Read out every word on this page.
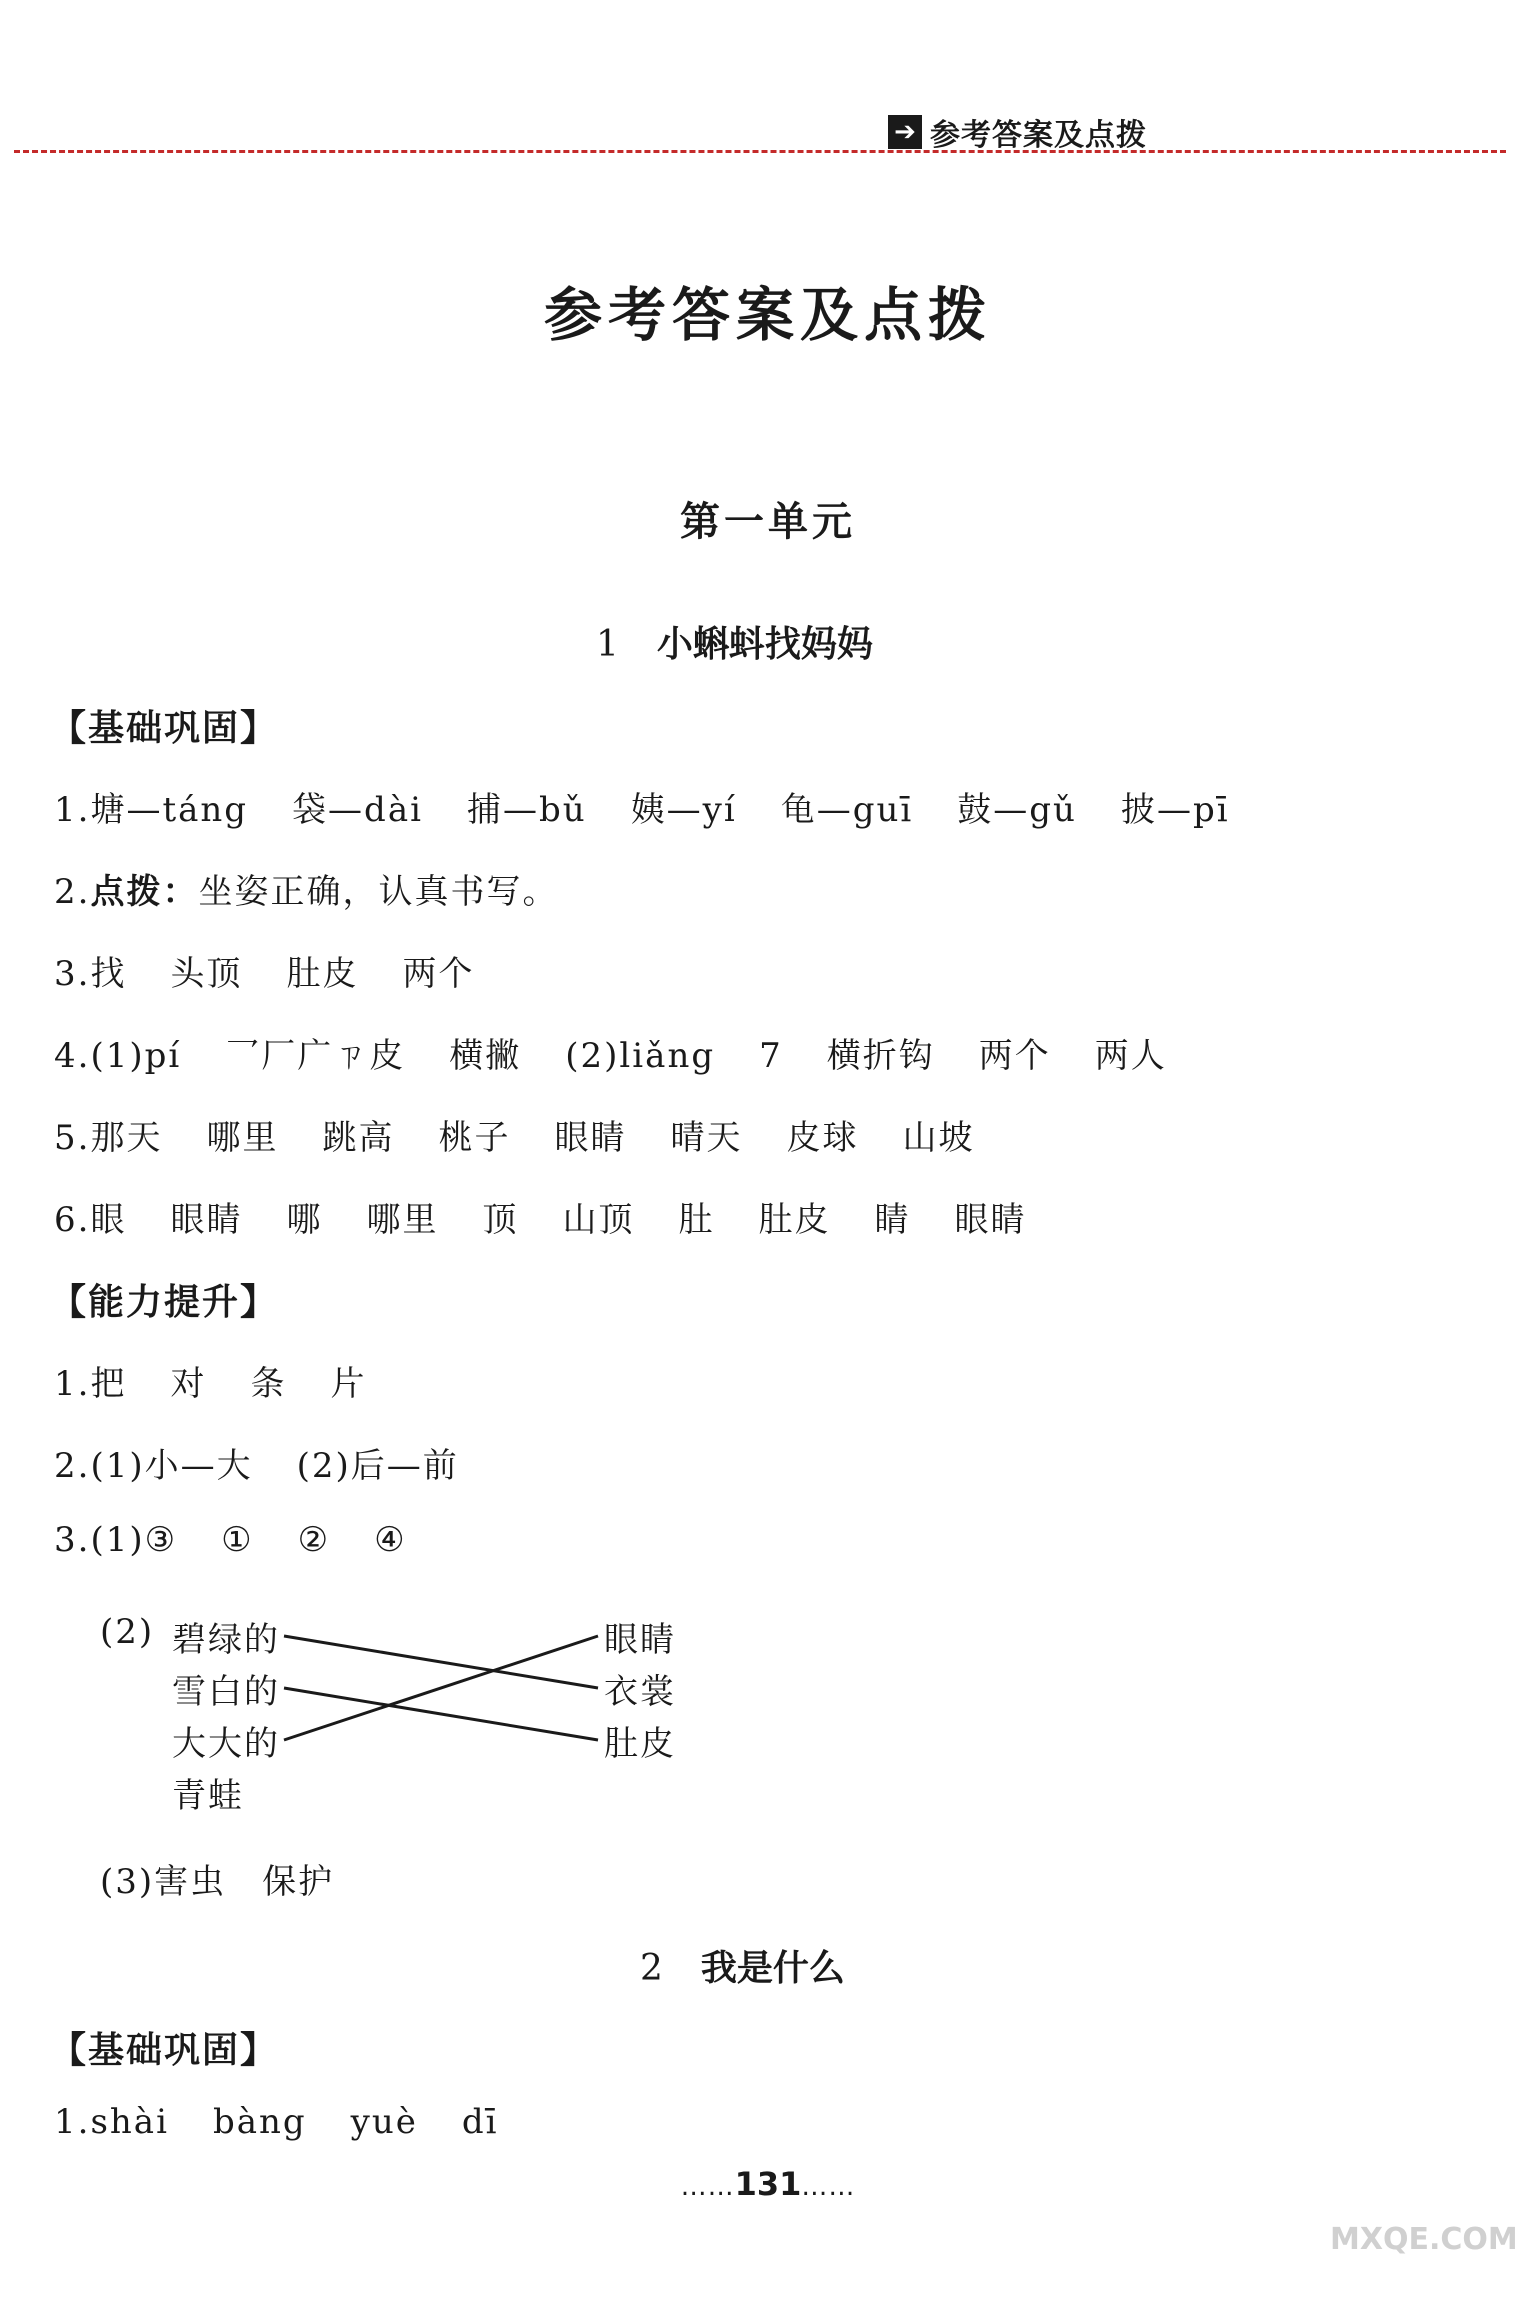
➔ 参考答案及点拨
参考答案及点拨
第一单元
1 小蝌蚪找妈妈
【基础巩固】
1.塘—táng 袋—dài 捕—bǔ 姨—yí 龟—guī 鼓—gǔ 披—pī
2.点拨：坐姿正确，认真书写。
3.找 头顶 肚皮 两个
4.(1)pí 乛厂广ㄗ皮 横撇 (2)liǎng 7 横折钩 两个 两人
5.那天 哪里 跳高 桃子 眼睛 晴天 皮球 山坡
6.眼 眼睛 哪 哪里 顶 山顶 肚 肚皮 睛 眼睛
【能力提升】
1.把 对 条 片
2.(1)小—大 (2)后—前
3.(1)③ ① ② ④
(2) 碧绿的
雪白的
大大的
青蛙
眼睛
衣裳
肚皮
(3)害虫　保护
2 我是什么
【基础巩固】
1.shài bàng yuè dī
……131……
MXQE.COM
